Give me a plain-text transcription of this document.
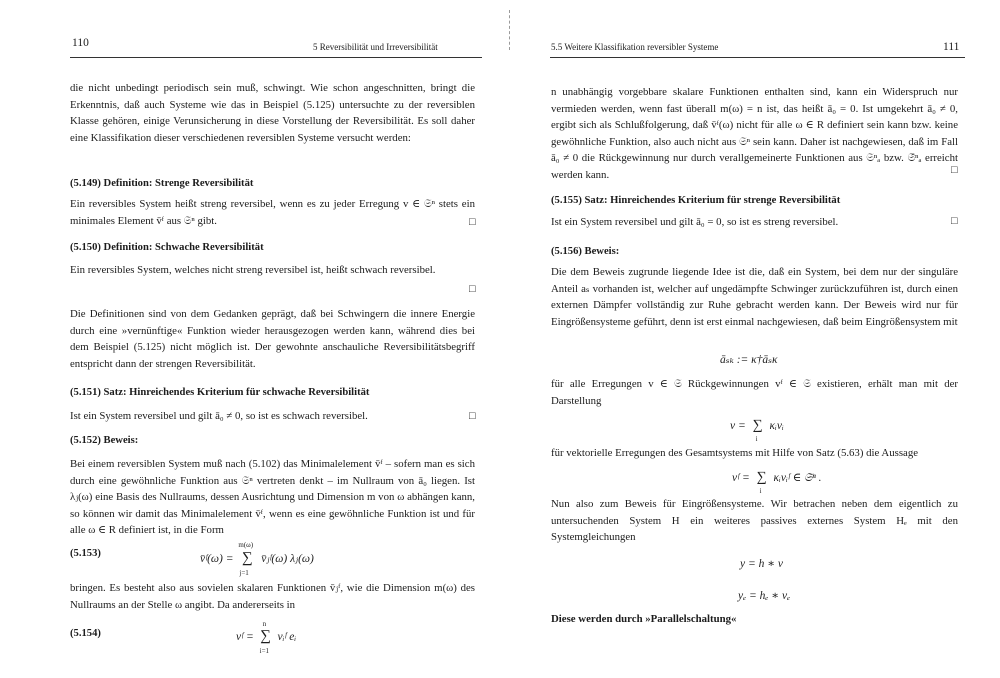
110	5 Reversibilität und Irreversibilität
die nicht unbedingt periodisch sein muß, schwingt. Wie schon angeschnitten, bringt die Erkenntnis, daß auch Systeme wie das in Beispiel (5.125) untersuchte zu der reversiblen Klasse gehören, einige Verunsicherung in diese Vorstellung der Reversibilität. Es soll daher eine Klassifikation dieser verschiedenen reversiblen Systeme versucht werden:
(5.149) Definition: Strenge Reversibilität
Ein reversibles System heißt streng reversibel, wenn es zu jeder Erregung v ∈ 𝔖ⁿ stets ein minimales Element v̄ᶠ aus 𝔖ⁿ gibt.	□
(5.150) Definition: Schwache Reversibilität
Ein reversibles System, welches nicht streng reversibel ist, heißt schwach reversibel.
□
Die Definitionen sind von dem Gedanken geprägt, daß bei Schwingern die innere Energie durch eine »vernünftige« Funktion wieder herausgezogen werden kann, während dies bei dem Beispiel (5.125) nicht möglich ist. Der gewohnte anschauliche Reversibilitätsbegriff entspricht dann der strengen Reversibilität.
(5.151) Satz: Hinreichendes Kriterium für schwache Reversibilität
Ist ein System reversibel und gilt ā₀ ≠ 0, so ist es schwach reversibel.	□
(5.152) Beweis:
Bei einem reversiblen System muß nach (5.102) das Minimalelement v̄ᶠ – sofern man es sich durch eine gewöhnliche Funktion aus 𝔖ⁿ vertreten denkt – im Nullraum von ā₀ liegen. Ist λⱼ(ω) eine Basis des Nullraums, dessen Ausrichtung und Dimension m von ω abhängen kann, so können wir damit das Minimalelement v̄ᶠ, wenn es eine gewöhnliche Funktion ist und für alle ω ∈ R definiert ist, in die Form
(5.153)	v̄ᶠ(ω) = ∑
m(ω)
j=1
v̄ⱼᶠ(ω) λⱼ(ω)
bringen. Es besteht also aus sovielen skalaren Funktionen v̄ⱼᶠ, wie die Dimension m(ω) des Nullraums an der Stelle ω angibt. Da andererseits in
(5.154)	vᶠ = ∑
n
i=1
vᵢᶠ eᵢ
5.5 Weitere Klassifikation reversibler Systeme	111
n unabhängig vorgebbare skalare Funktionen enthalten sind, kann ein Widerspruch nur vermieden werden, wenn fast überall m(ω) = n ist, das heißt ā₀ = 0. Ist umgekehrt ā₀ ≠ 0, ergibt sich als Schlußfolgerung, daß v̄ᶠ(ω) nicht für alle ω ∈ R definiert sein kann bzw. keine gewöhnliche Funktion, also auch nicht aus 𝔖ⁿ sein kann. Daher ist nachgewiesen, daß im Fall ā₀ ≠ 0 die Rückgewinnung nur durch verallgemeinerte Funktionen aus 𝔖ⁿₐ bzw. 𝔖̂ⁿₐ erreicht werden kann.	□
(5.155) Satz: Hinreichendes Kriterium für strenge Reversibilität
Ist ein System reversibel und gilt ā₀ = 0, so ist es streng reversibel.	□
(5.156) Beweis:
Die dem Beweis zugrunde liegende Idee ist die, daß ein System, bei dem nur der singuläre Anteil aₛ vorhanden ist, welcher auf ungedämpfte Schwinger zurückzuführen ist, durch einen externen Dämpfer vollständig zur Ruhe gebracht werden kann. Der Beweis wird nur für Eingrößensysteme geführt, denn ist erst einmal nachgewiesen, daß beim Eingrößensystem mit
āₛₖ := κ†āₛκ
für alle Erregungen v ∈ 𝔖 Rückgewinnungen vᶠ ∈ 𝔖 existieren, erhält man mit der Darstellung
v = ∑
i
κᵢvᵢ
für vektorielle Erregungen des Gesamtsystems mit Hilfe von Satz (5.63) die Aussage
vᶠ = ∑
i
κᵢvᵢᶠ ∈ 𝔖ⁿ .
Nun also zum Beweis für Eingrößensysteme. Wir betrachen neben dem eigentlich zu untersuchenden System H ein weiteres passives externes System Hₑ mit den Systemgleichungen
y = h ∗ v
yₑ = hₑ ∗ vₑ
Diese werden durch »Parallelschaltung«
